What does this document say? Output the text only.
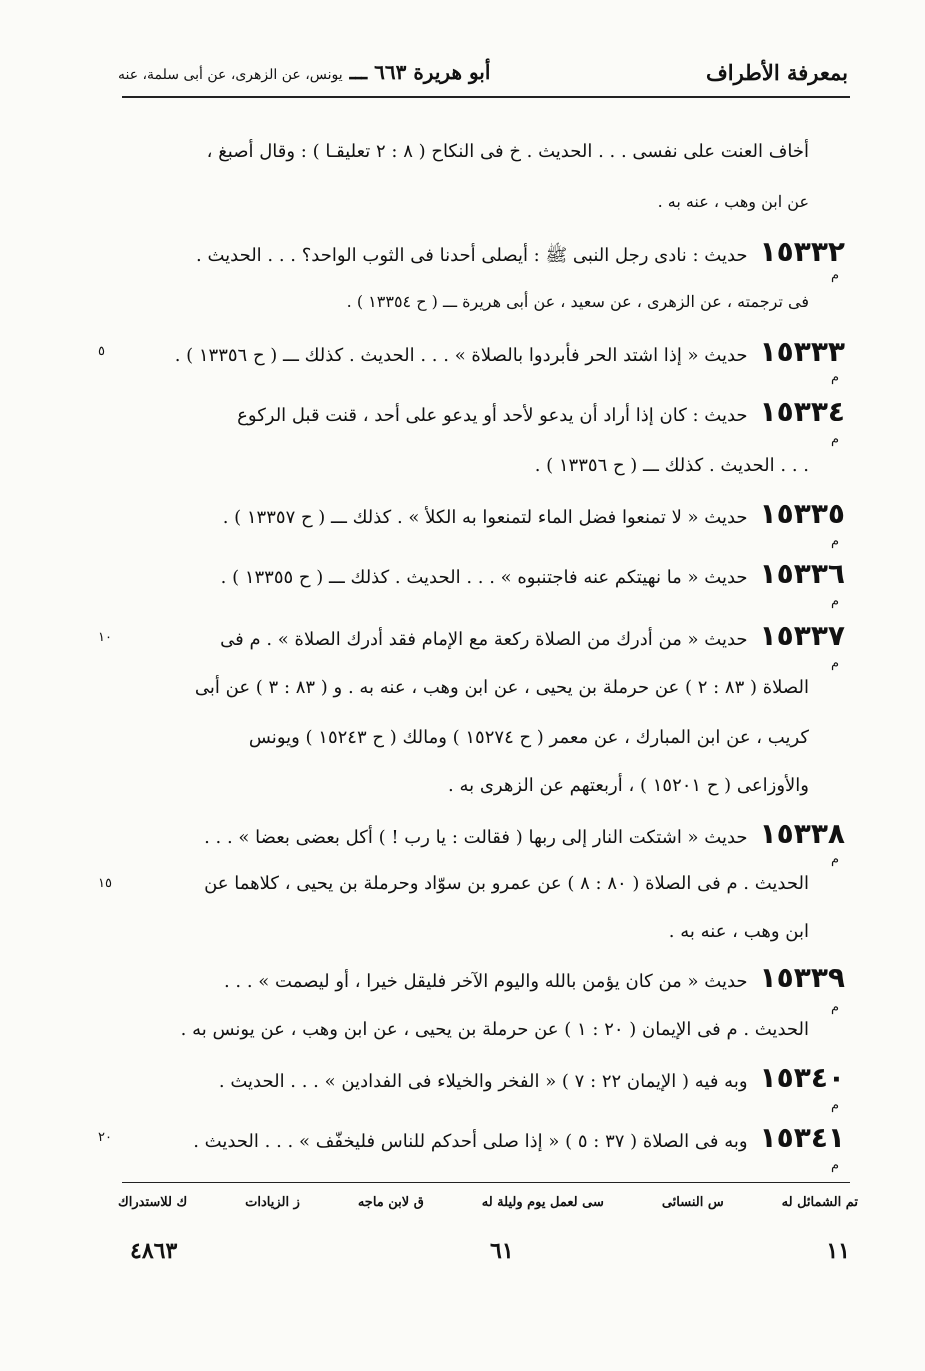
بمعرفة الأطراف
أبو هريرة ٦٦٣ ـــ يونس، عن الزهرى، عن أبى سلمة، عنه
أخاف العنت على نفسى . . . الحديث . خ فى النكاح ( ٨ : ٢ تعليقـا ) : وقال أصبغ ،
عن ابن وهب ، عنه به .
١٥٣٣٢حديث : نادى رجل النبى ﷺ : أيصلى أحدنا فى الثوب الواحد؟ . . . الحديث .
م
فى ترجمته ، عن الزهرى ، عن سعيد ، عن أبى هريرة ـــ ( ح ١٣٣٥٤ ) .
١٥٣٣٣حديث « إذا اشتد الحر فأبردوا بالصلاة » . . . الحديث . كذلك ـــ ( ح ١٣٣٥٦ ) .
٥
م
١٥٣٣٤حديث : كان إذا أراد أن يدعو لأحد أو يدعو على أحد ، قنت قبل الركوع
م
. . . الحديث . كذلك ـــ ( ح ١٣٣٥٦ ) .
١٥٣٣٥حديث « لا تمنعوا فضل الماء لتمنعوا به الكلأ » . كذلك ـــ ( ح ١٣٣٥٧ ) .
م
١٥٣٣٦حديث « ما نهيتكم عنه فاجتنبوه » . . . الحديث . كذلك ـــ ( ح ١٣٣٥٥ ) .
م
١٥٣٣٧حديث « من أدرك من الصلاة ركعة مع الإمام فقد أدرك الصلاة » . م فى
١٠
م
الصلاة ( ٨٣ : ٢ ) عن حرملة بن يحيى ، عن ابن وهب ، عنه به . و ( ٨٣ : ٣ ) عن أبى
كريب ، عن ابن المبارك ، عن معمر ( ح ١٥٢٧٤ ) ومالك ( ح ١٥٢٤٣ ) ويونس
والأوزاعى ( ح ١٥٢٠١ ) ، أربعتهم عن الزهرى به .
١٥٣٣٨حديث « اشتكت النار إلى ربها ( فقالت : يا رب ! ) أكل بعضى بعضا » . . .
م
الحديث . م فى الصلاة ( ٨٠ : ٨ ) عن عمرو بن سوّاد وحرملة بن يحيى ، كلاهما عن
١٥
ابن وهب ، عنه به .
١٥٣٣٩حديث « من كان يؤمن بالله واليوم الآخر فليقل خيرا ، أو ليصمت » . . .
م
الحديث . م فى الإيمان ( ٢٠ : ١ ) عن حرملة بن يحيى ، عن ابن وهب ، عن يونس به .
١٥٣٤٠وبه فيه ( الإيمان ٢٢ : ٧ ) « الفخر والخيلاء فى الفدادين » . . . الحديث .
م
١٥٣٤١وبه فى الصلاة ( ٣٧ : ٥ ) « إذا صلى أحدكم للناس فليخفّف » . . . الحديث .
٢٠
م
تم الشمائل له
س النسائى
سى لعمل يوم وليلة له
ق لابن ماجه
ز الزيادات
ك للاستدراك
١١
٦١
٤٨٦٣
